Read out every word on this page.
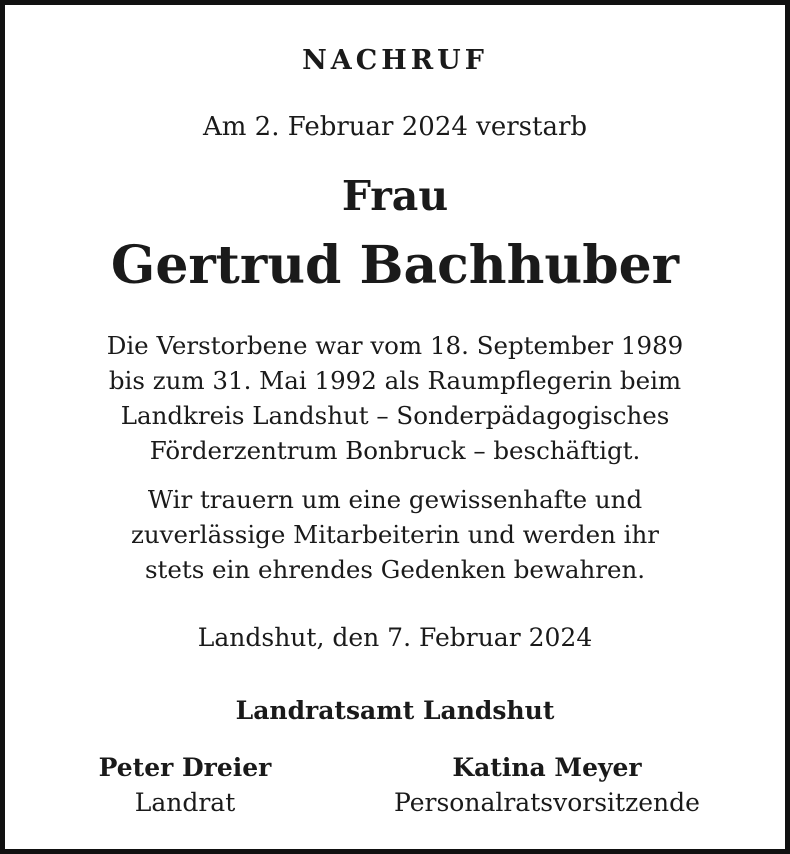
NACHRUF
Am 2. Februar 2024 verstarb
Frau
Gertrud Bachhuber
Die Verstorbene war vom 18. September 1989
bis zum 31. Mai 1992 als Raumpflegerin beim
Landkreis Landshut – Sonderpädagogisches
Förderzentrum Bonbruck – beschäftigt.
Wir trauern um eine gewissenhafte und
zuverlässige Mitarbeiterin und werden ihr
stets ein ehrendes Gedenken bewahren.
Landshut, den 7. Februar 2024
Landratsamt Landshut
Peter Dreier
Landrat
Katina Meyer
Personalratsvorsitzende
